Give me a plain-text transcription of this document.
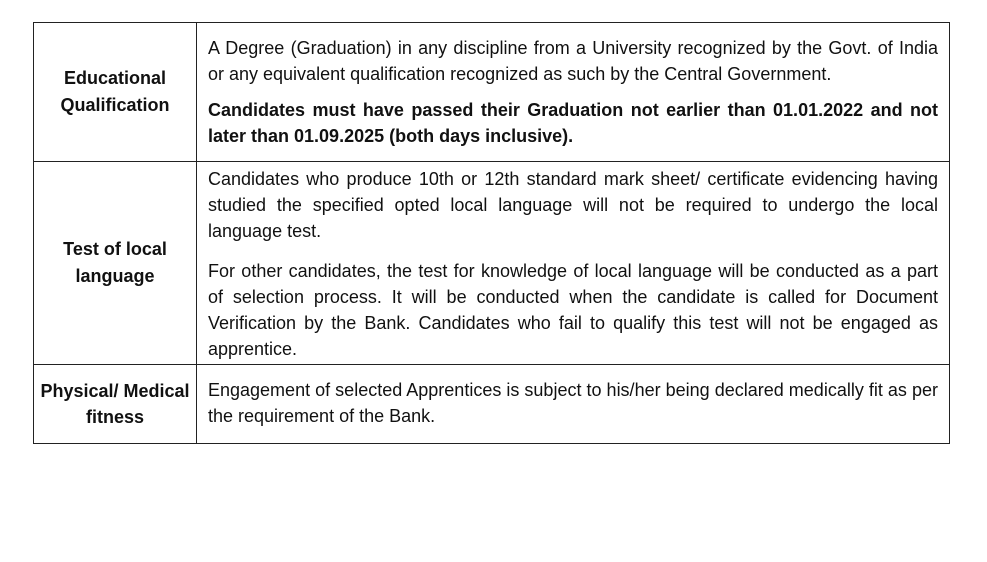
Educational Qualification	A Degree (Graduation) in any discipline from a University recognized by the Govt. of India or any equivalent qualification recognized as such by the Central Government.

Candidates must have passed their Graduation not earlier than 01.01.2022 and not later than 01.09.2025 (both days inclusive).

Test of local language	Candidates who produce 10th or 12th standard mark sheet/ certificate evidencing having studied the specified opted local language will not be required to undergo the local language test.

For other candidates, the test for knowledge of local language will be conducted as a part of selection process. It will be conducted when the candidate is called for Document Verification by the Bank. Candidates who fail to qualify this test will not be engaged as apprentice.

Physical/ Medical fitness	Engagement of selected Apprentices is subject to his/her being declared medically fit as per the requirement of the Bank.
